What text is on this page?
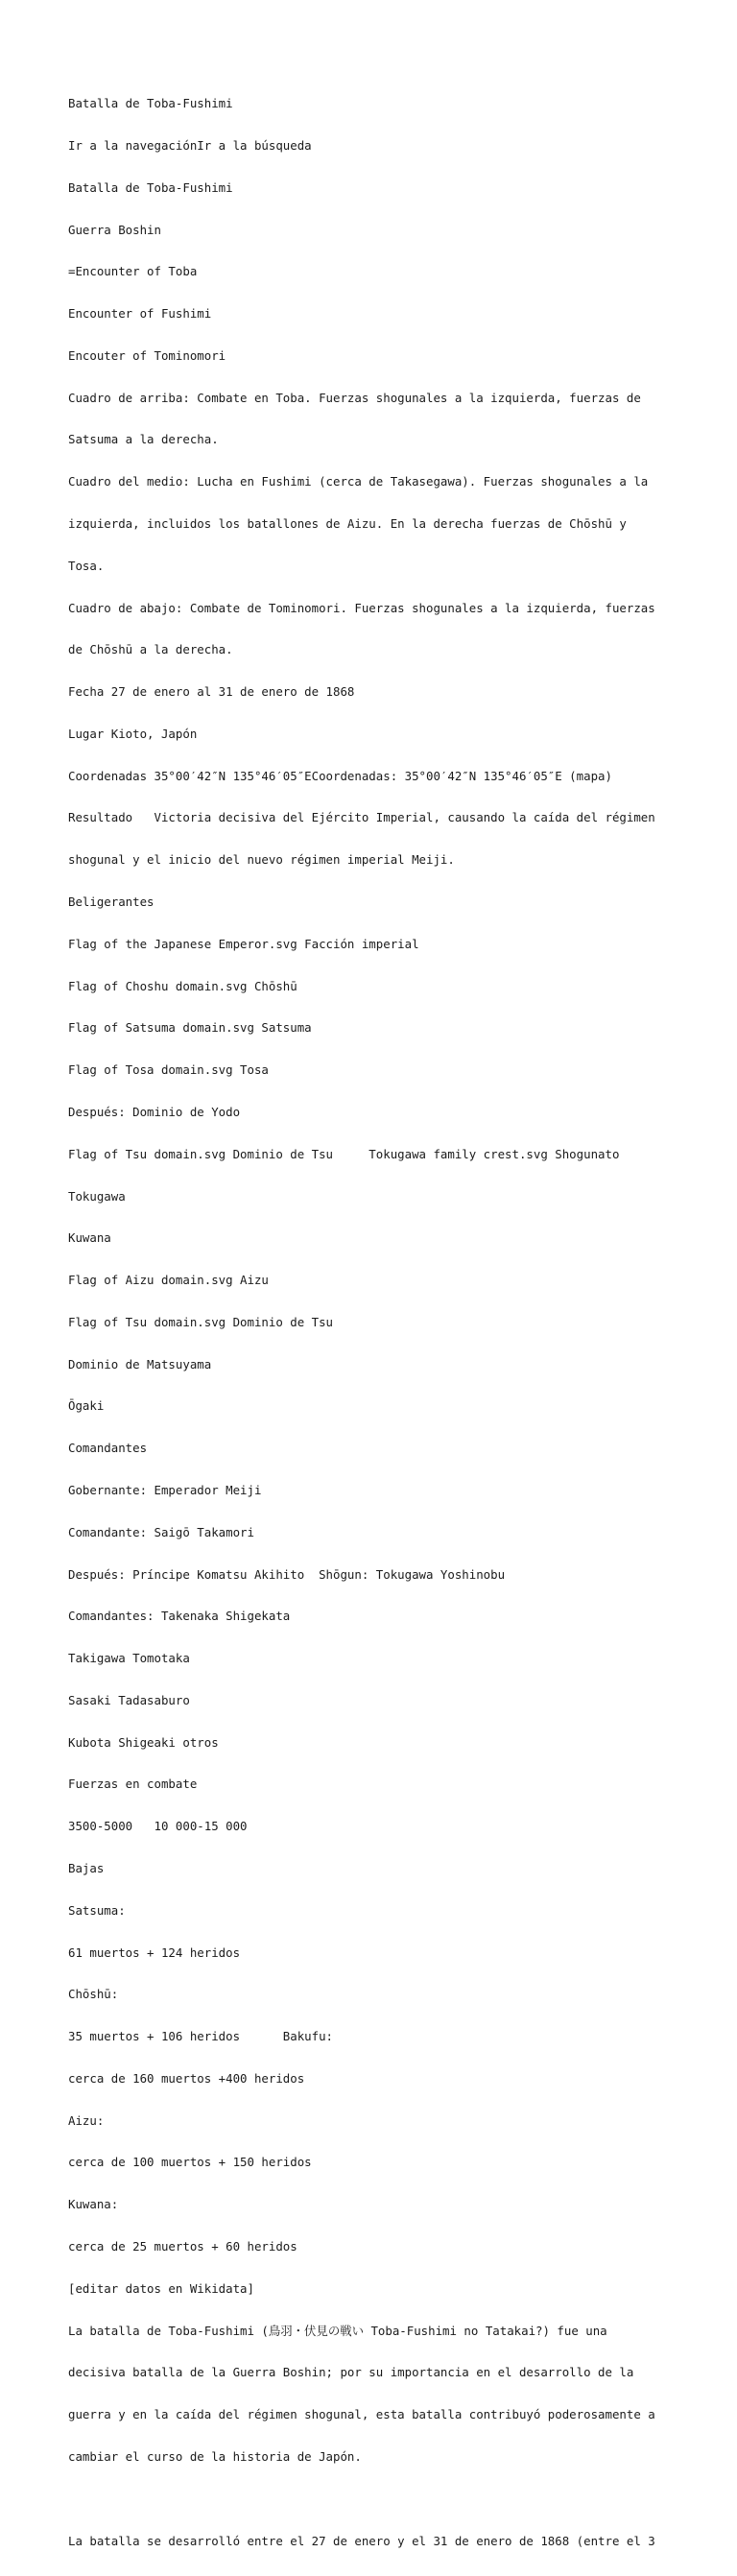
Batalla de Toba-Fushimi

Ir a la navegaciónIr a la búsqueda

Batalla de Toba-Fushimi

Guerra Boshin

=Encounter of Toba

Encounter of Fushimi

Encouter of Tominomori

Cuadro de arriba: Combate en Toba. Fuerzas shogunales a la izquierda, fuerzas de

Satsuma a la derecha.

Cuadro del medio: Lucha en Fushimi (cerca de Takasegawa). Fuerzas shogunales a la

izquierda, incluidos los batallones de Aizu. En la derecha fuerzas de Chōshū y

Tosa.

Cuadro de abajo: Combate de Tominomori. Fuerzas shogunales a la izquierda, fuerzas

de Chōshū a la derecha.

Fecha 27 de enero al 31 de enero de 1868

Lugar Kioto, Japón

Coordenadas 35°00′42″N 135°46′05″ECoordenadas: 35°00′42″N 135°46′05″E (mapa)

Resultado   Victoria decisiva del Ejército Imperial, causando la caída del régimen

shogunal y el inicio del nuevo régimen imperial Meiji.

Beligerantes

Flag of the Japanese Emperor.svg Facción imperial

Flag of Choshu domain.svg Chōshū

Flag of Satsuma domain.svg Satsuma

Flag of Tosa domain.svg Tosa

Después: Dominio de Yodo

Flag of Tsu domain.svg Dominio de Tsu     Tokugawa family crest.svg Shogunato

Tokugawa

Kuwana

Flag of Aizu domain.svg Aizu

Flag of Tsu domain.svg Dominio de Tsu

Dominio de Matsuyama

Ōgaki

Comandantes

Gobernante: Emperador Meiji

Comandante: Saigō Takamori

Después: Príncipe Komatsu Akihito  Shōgun: Tokugawa Yoshinobu

Comandantes: Takenaka Shigekata

Takigawa Tomotaka

Sasaki Tadasaburo

Kubota Shigeaki otros

Fuerzas en combate

3500-5000   10 000-15 000

Bajas

Satsuma:

61 muertos + 124 heridos

Chōshū:

35 muertos + 106 heridos      Bakufu:

cerca de 160 muertos +400 heridos

Aizu:

cerca de 100 muertos + 150 heridos

Kuwana:

cerca de 25 muertos + 60 heridos

[editar datos en Wikidata]

La batalla de Toba-Fushimi (鳥羽・伏見の戦い Toba-Fushimi no Tatakai?) fue una

decisiva batalla de la Guerra Boshin; por su importancia en el desarrollo de la

guerra y en la caída del régimen shogunal, esta batalla contribuyó poderosamente a

cambiar el curso de la historia de Japón.

La batalla se desarrolló entre el 27 de enero y el 31 de enero de 1868 (entre el 3
